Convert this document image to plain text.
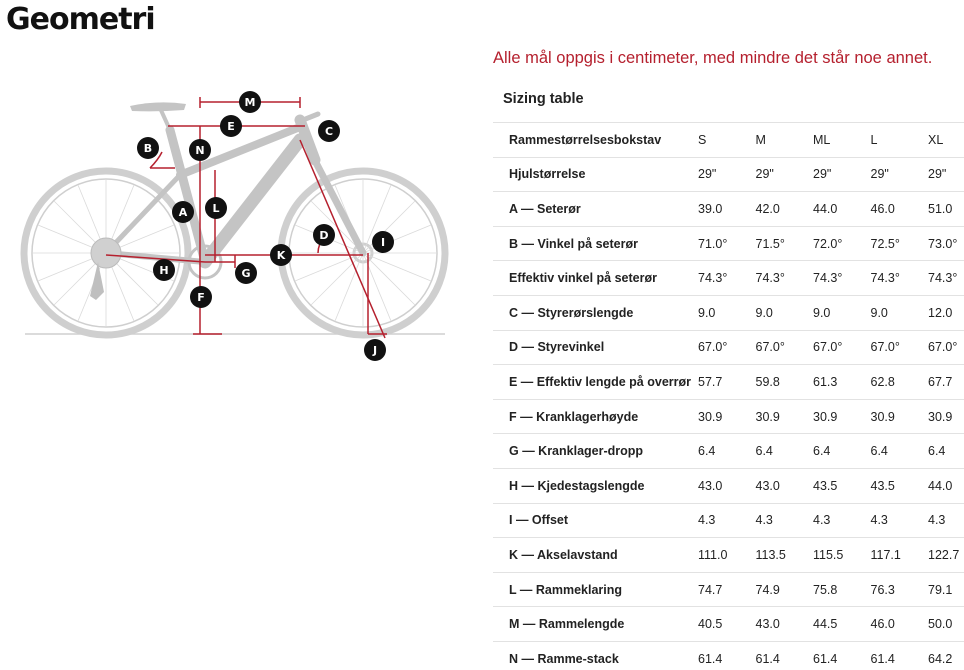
Geometri
M
E	C
B	N
L
A
D
I
K
H	G
F
J
Alle mål oppgis i centimeter, med mindre det står noe annet.
Sizing table
Rammestørrelsesbokstav	S	M	ML	L	XL
Hjulstørrelse	29"	29"	29"	29"	29"
A — Seterør	39.0	42.0	44.0	46.0	51.0
B — Vinkel på seterør	71.0°	71.5°	72.0°	72.5°	73.0°
Effektiv vinkel på seterør	74.3°	74.3°	74.3°	74.3°	74.3°
C — Styrerørslengde	9.0	9.0	9.0	9.0	12.0
D — Styrevinkel	67.0°	67.0°	67.0°	67.0°	67.0°
E — Effektiv lengde på overrør	57.7	59.8	61.3	62.8	67.7
F — Kranklagerhøyde	30.9	30.9	30.9	30.9	30.9
G — Kranklager-dropp	6.4	6.4	6.4	6.4	6.4
H — Kjedestagslengde	43.0	43.0	43.5	43.5	44.0
I — Offset	4.3	4.3	4.3	4.3	4.3
K — Akselavstand	111.0	113.5	115.5	117.1	122.7
L — Rammeklaring	74.7	74.9	75.8	76.3	79.1
M — Rammelengde	40.5	43.0	44.5	46.0	50.0
N — Ramme-stack	61.4	61.4	61.4	61.4	64.2
